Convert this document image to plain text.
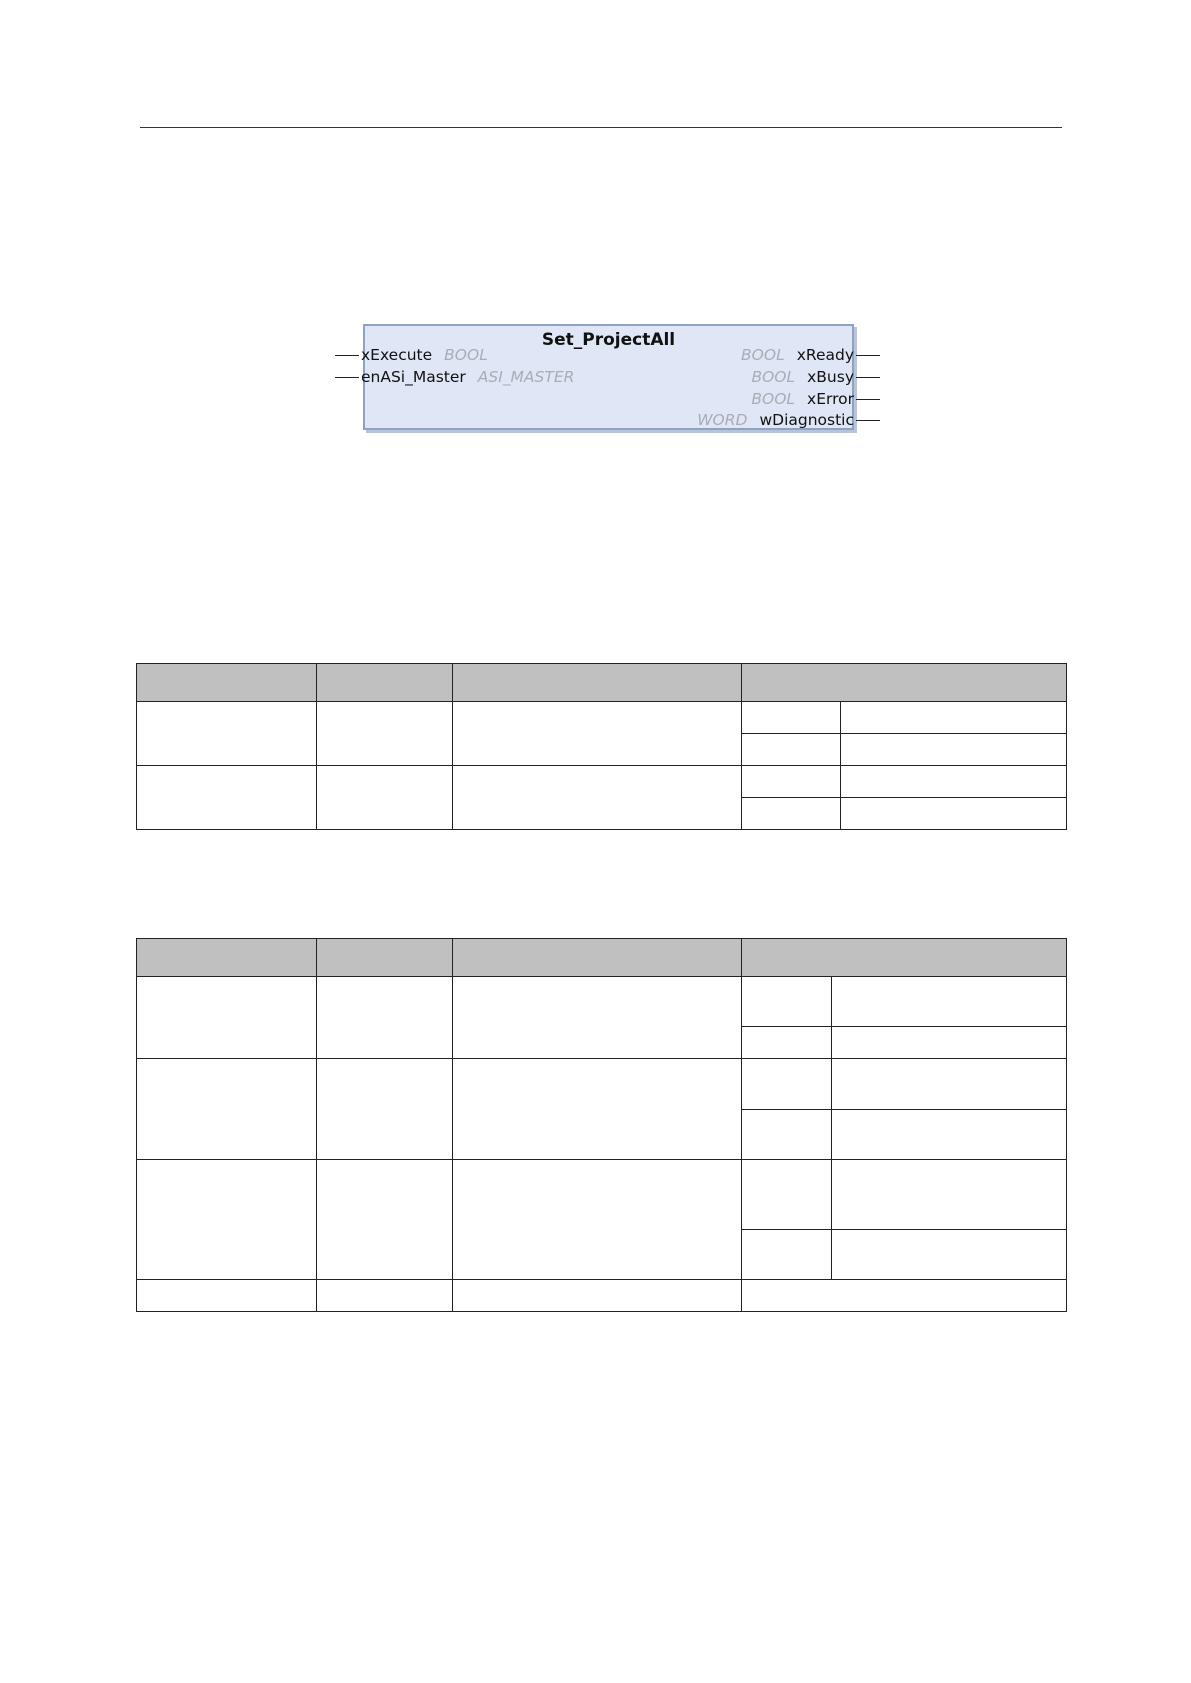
Set_ProjectAll
xExecute BOOL
enASi_Master ASI_MASTER
BOOL xReady
BOOL xBusy
BOOL xError
WORD wDiagnostic
